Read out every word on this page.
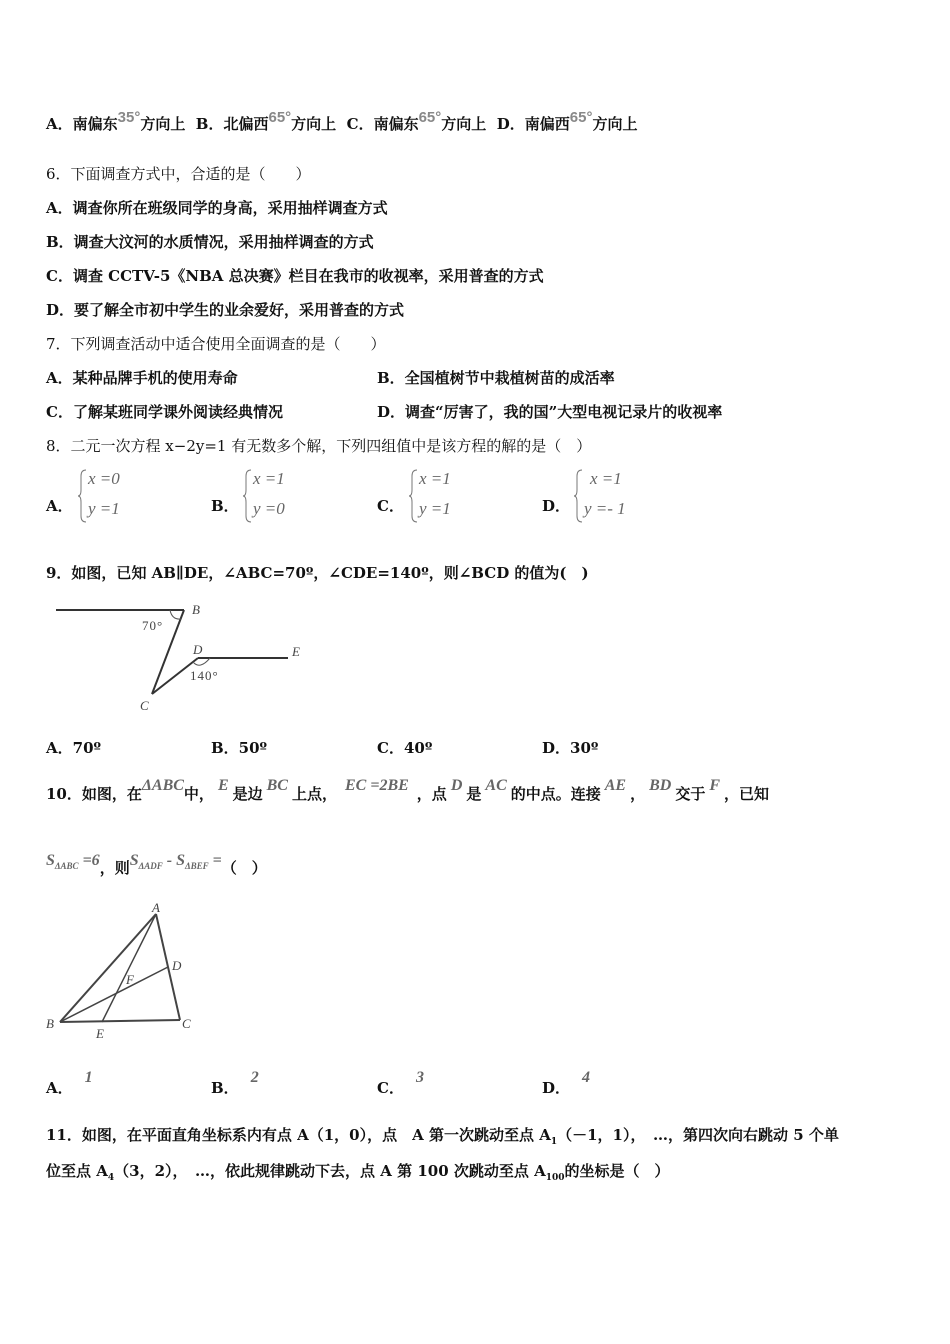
A．南偏东35°方向上 B．北偏西65°方向上 C．南偏东65°方向上 D．南偏西65°方向上
6．下面调查方式中，合适的是（　　）
A．调查你所在班级同学的身高，采用抽样调查方式
B．调查大汶河的水质情况，采用抽样调查的方式
C．调查 CCTV-5《NBA 总决赛》栏目在我市的收视率，采用普查的方式
D．要了解全市初中学生的业余爱好，采用普查的方式
7．下列调查活动中适合使用全面调查的是（　　）
A．某种品牌手机的使用寿命	B．全国植树节中栽植树苗的成活率
C．了解某班同学课外阅读经典情况	D．调查“厉害了，我的国”大型电视记录片的收视率
8．二元一次方程 x−2y=1 有无数多个解，下列四组值中是该方程的解的是（　）
A．
x =0
y =1	B．
x =1
y =0	C．
x =1
y =1	D．
x =1
y =- 1
9．如图，已知 AB∥DE，∠ABC=70º，∠CDE=140º，则∠BCD 的值为(　)
B
70°
D	E
140°
C
A．70º	B．50º	C．40º	D．30º
10．如图，在ΔABC中， E 是边 BC 上点， EC =2BE ，点 D 是 AC 的中点。连接 AE ， BD 交于 F ，已知
$S_{\Delta ABC} =6$，则$S_{\Delta ADF} - S_{\Delta BEF}$ =（　）
A
D
F
B
E
C
A．1
B．2
C．3
D．4
11．如图，在平面直角坐标系内有点 A（1，0），点　A 第一次跳动至点 $A_1(-1$，1），　…，第四次向右跳动 5 个单
位至点 $A_4(3$，2），　…，依此规律跳动下去，点 A 第 100 次跳动至点 $A_{100}$的坐标是（　）
